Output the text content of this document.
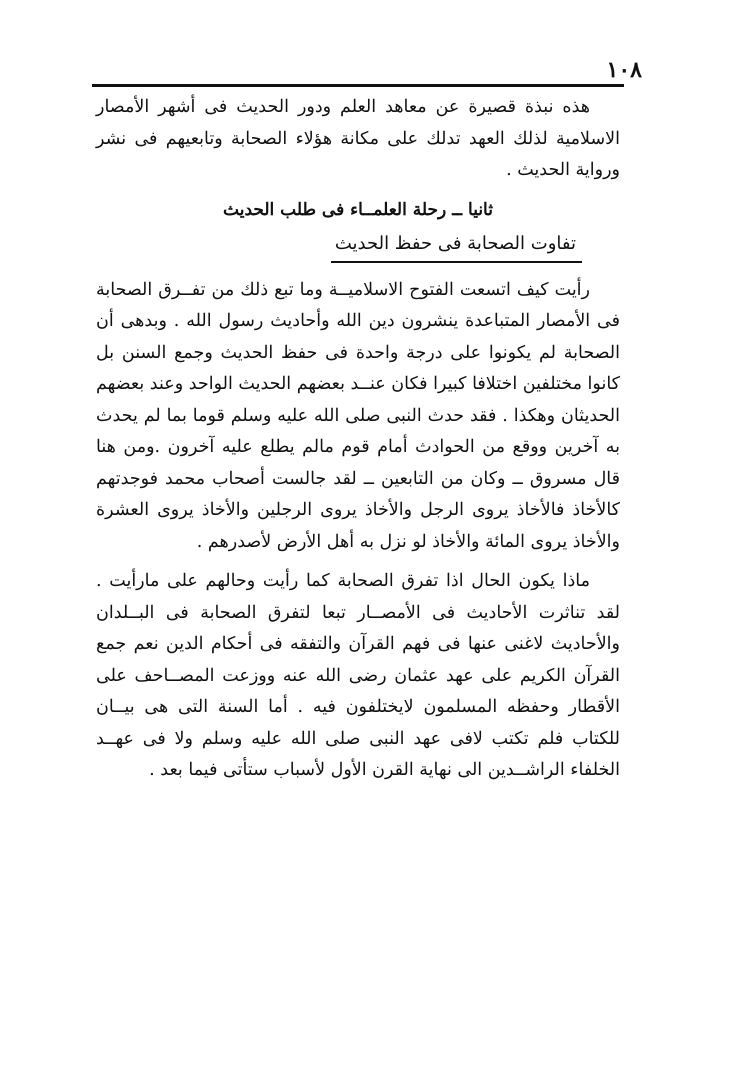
١٠٨

هذه نبذة قصيرة عن معاهد العلم ودور الحديث فى أشهر الأمصار الاسلامية لذلك العهد تدلك على مكانة هؤلاء الصحابة وتابعيهم فى نشر ورواية الحديث .

ثانيا ــ رحلة العلمــاء فى طلب الحديث
تفاوت الصحابة فى حفظ الحديث

رأيت كيف اتسعت الفتوح الاسلاميــة وما تبع ذلك من تفــرق الصحابة فى الأمصار المتباعدة ينشرون دين الله وأحاديث رسول الله . وبدهى أن الصحابة لم يكونوا على درجة واحدة فى حفظ الحديث وجمع السنن بل كانوا مختلفين اختلافا كبيرا فكان عنــد بعضهم الحديث الواحد وعند بعضهم الحديثان وهكذا . فقد حدث النبى صلى الله عليه وسلم قوما بما لم يحدث به آخرين ووقع من الحوادث أمام قوم مالم يطلع عليه آخرون .ومن هنا قال مسروق ــ وكان من التابعين ــ لقد جالست أصحاب محمد فوجدتهم كالأخاذ فالأخاذ يروى الرجل والأخاذ يروى الرجلين والأخاذ يروى العشرة والأخاذ يروى المائة والأخاذ لو نزل به أهل الأرض لأصدرهم .

ماذا يكون الحال اذا تفرق الصحابة كما رأيت وحالهم على مارأيت . لقد تناثرت الأحاديث فى الأمصــار تبعا لتفرق الصحابة فى البــلدان والأحاديث لاغنى عنها فى فهم القرآن والتفقه فى أحكام الدين نعم جمع القرآن الكريم على عهد عثمان رضى الله عنه ووزعت المصــاحف على الأقطار وحفظه المسلمون لايختلفون فيه . أما السنة التى هى بيــان للكتاب فلم تكتب لافى عهد النبى صلى الله عليه وسلم ولا فى عهــد الخلفاء الراشــدين الى نهاية القرن الأول لأسباب ستأتى فيما بعد .
